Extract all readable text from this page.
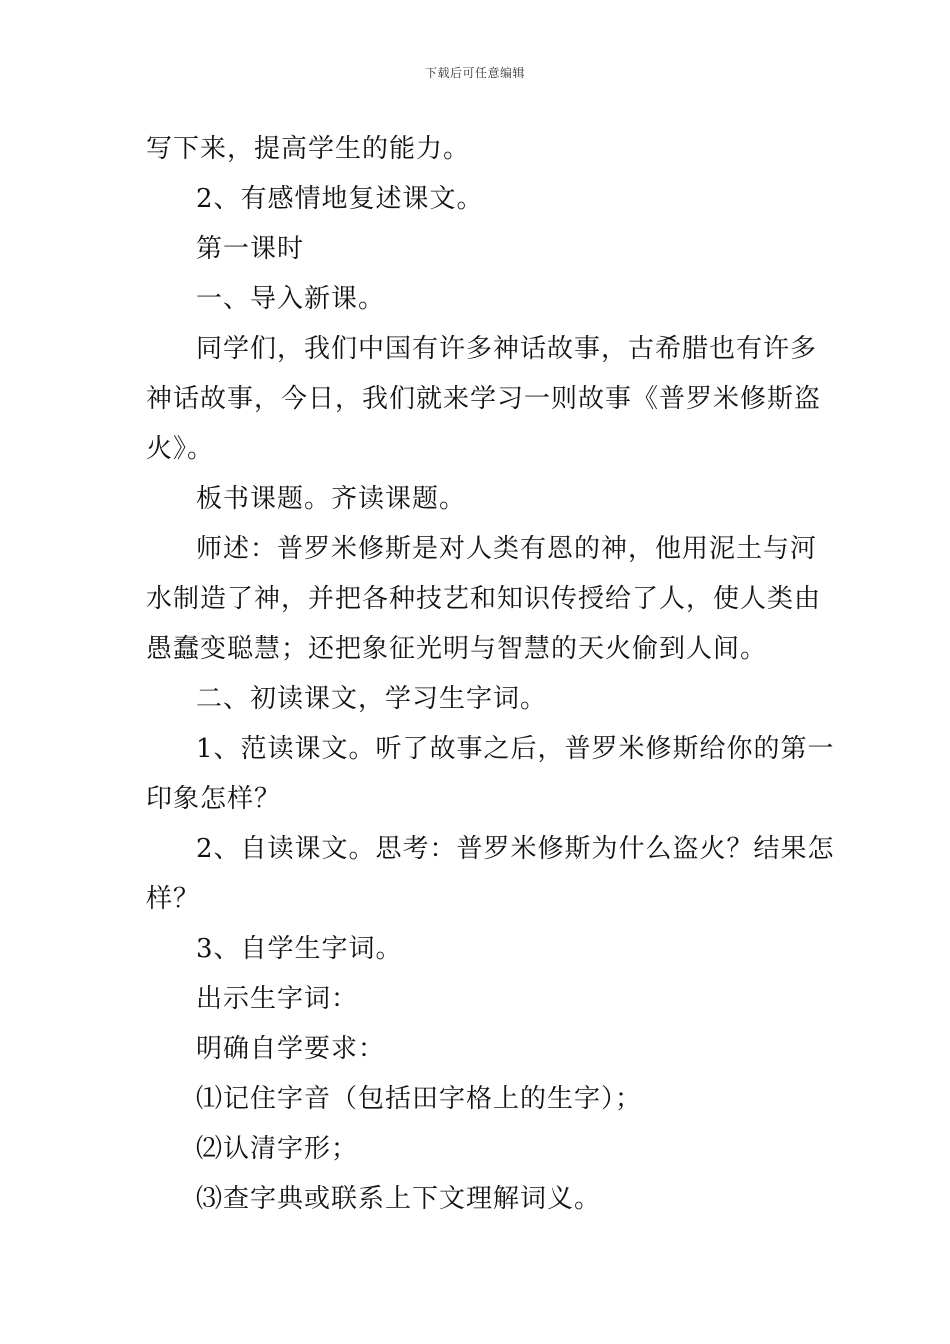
下载后可任意编辑
写下来，提高学生的能力。
2、有感情地复述课文。
第一课时
一、导入新课。
同学们，我们中国有许多神话故事，古希腊也有许多
神话故事，今日，我们就来学习一则故事《普罗米修斯盗
火》。
板书课题。齐读课题。
师述：普罗米修斯是对人类有恩的神，他用泥土与河
水制造了神，并把各种技艺和知识传授给了人，使人类由
愚蠢变聪慧；还把象征光明与智慧的天火偷到人间。
二、初读课文，学习生字词。
1、范读课文。听了故事之后，普罗米修斯给你的第一
印象怎样？
2、自读课文。思考：普罗米修斯为什么盗火？结果怎
样？
3、自学生字词。
出示生字词：
明确自学要求：
⑴记住字音（包括田字格上的生字）；
⑵认清字形；
⑶查字典或联系上下文理解词义。
